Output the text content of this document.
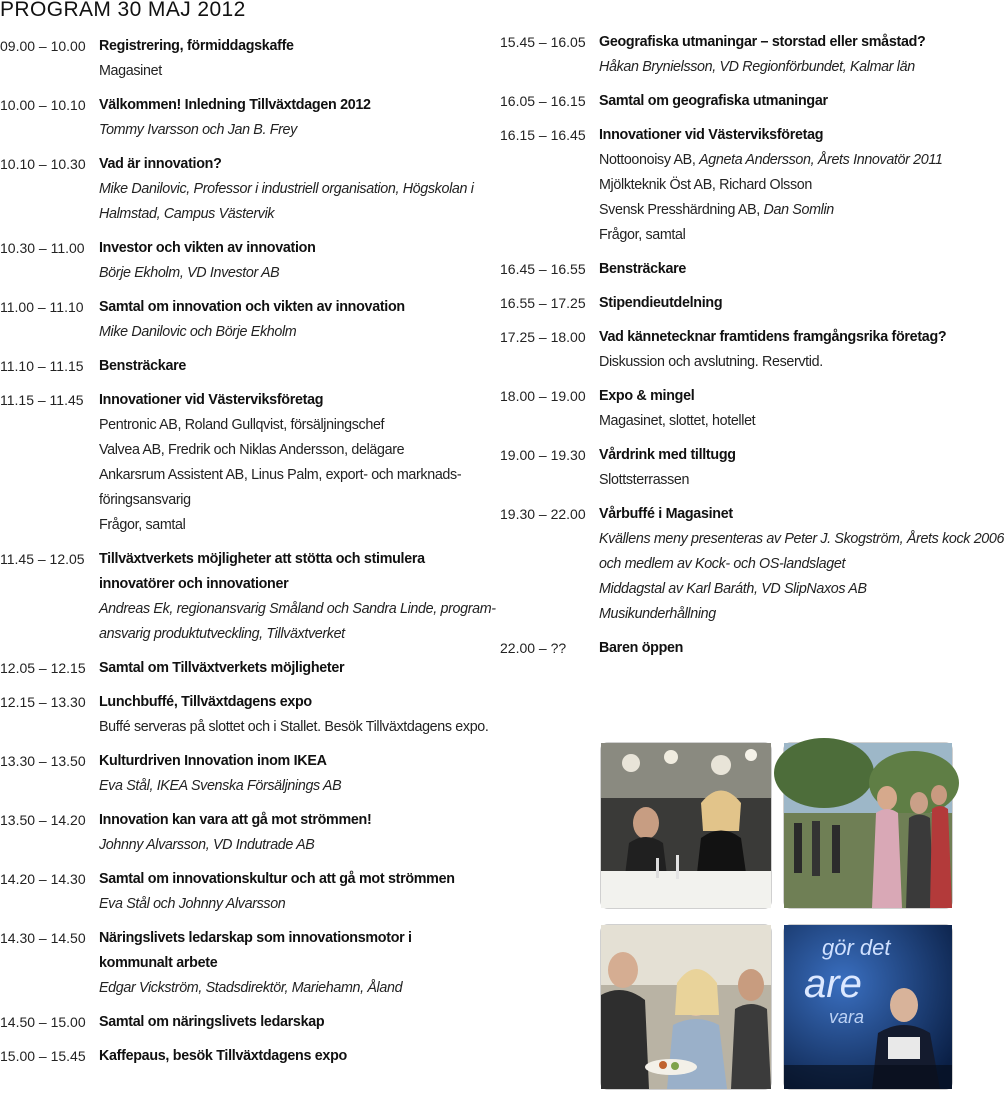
PROGRAM 30 MAJ 2012
09.00 – 10.00 Registrering, förmiddagskaffe
Magasinet
10.00 – 10.10 Välkommen! Inledning Tillväxtdagen 2012
Tommy Ivarsson och Jan B. Frey
10.10 – 10.30 Vad är innovation?
Mike Danilovic, Professor i industriell organisation, Högskolan i
Halmstad, Campus Västervik
10.30 – 11.00 Investor och vikten av innovation
Börje Ekholm, VD Investor AB
11.00 – 11.10 Samtal om innovation och vikten av innovation
Mike Danilovic och Börje Ekholm
11.10 – 11.15 Bensträckare
11.15 – 11.45 Innovationer vid Västerviksföretag
Pentronic AB, Roland Gullqvist, försäljningschef
Valvea AB, Fredrik och Niklas Andersson, delägare
Ankarsrum Assistent AB, Linus Palm, export- och marknads-
föringsansvarig
Frågor, samtal
11.45 – 12.05 Tillväxtverkets möjligheter att stötta och stimulera
innovatörer och innovationer
Andreas Ek, regionansvarig Småland och Sandra Linde, program-
ansvarig produktutveckling, Tillväxtverket
12.05 – 12.15 Samtal om Tillväxtverkets möjligheter
12.15 – 13.30 Lunchbuffé, Tillväxtdagens expo
Buffé serveras på slottet och i Stallet. Besök Tillväxtdagens expo.
13.30 – 13.50 Kulturdriven Innovation inom IKEA
Eva Stål, IKEA Svenska Försäljnings AB
13.50 – 14.20 Innovation kan vara att gå mot strömmen!
Johnny Alvarsson, VD Indutrade AB
14.20 – 14.30 Samtal om innovationskultur och att gå mot strömmen
Eva Stål och Johnny Alvarsson
14.30 – 14.50 Näringslivets ledarskap som innovationsmotor i
kommunalt arbete
Edgar Vickström, Stadsdirektör, Mariehamn, Åland
14.50 – 15.00 Samtal om näringslivets ledarskap
15.00 – 15.45 Kaffepaus, besök Tillväxtdagens expo
15.45 – 16.05 Geografiska utmaningar – storstad eller småstad?
Håkan Brynielsson, VD Regionförbundet, Kalmar län
16.05 – 16.15 Samtal om geografiska utmaningar
16.15 – 16.45 Innovationer vid Västerviksföretag
Nottoonoisy AB, Agneta Andersson, Årets Innovatör 2011
Mjölkteknik Öst AB, Richard Olsson
Svensk Presshärdning AB, Dan Somlin
Frågor, samtal
16.45 – 16.55 Bensträckare
16.55 – 17.25 Stipendieutdelning
17.25 – 18.00 Vad kännetecknar framtidens framgångsrika företag?
Diskussion och avslutning. Reservtid.
18.00 – 19.00 Expo & mingel
Magasinet, slottet, hotellet
19.00 – 19.30 Vårdrink med tilltugg
Slottsterrassen
19.30 – 22.00 Vårbuffé i Magasinet
Kvällens meny presenteras av Peter J. Skogström, Årets kock 2006
och medlem av Kock- och OS-landslaget
Middagstal av Karl Baráth, VD SlipNaxos AB
Musikunderhållning
22.00 – ?? Baren öppen
gör det
are
vara
